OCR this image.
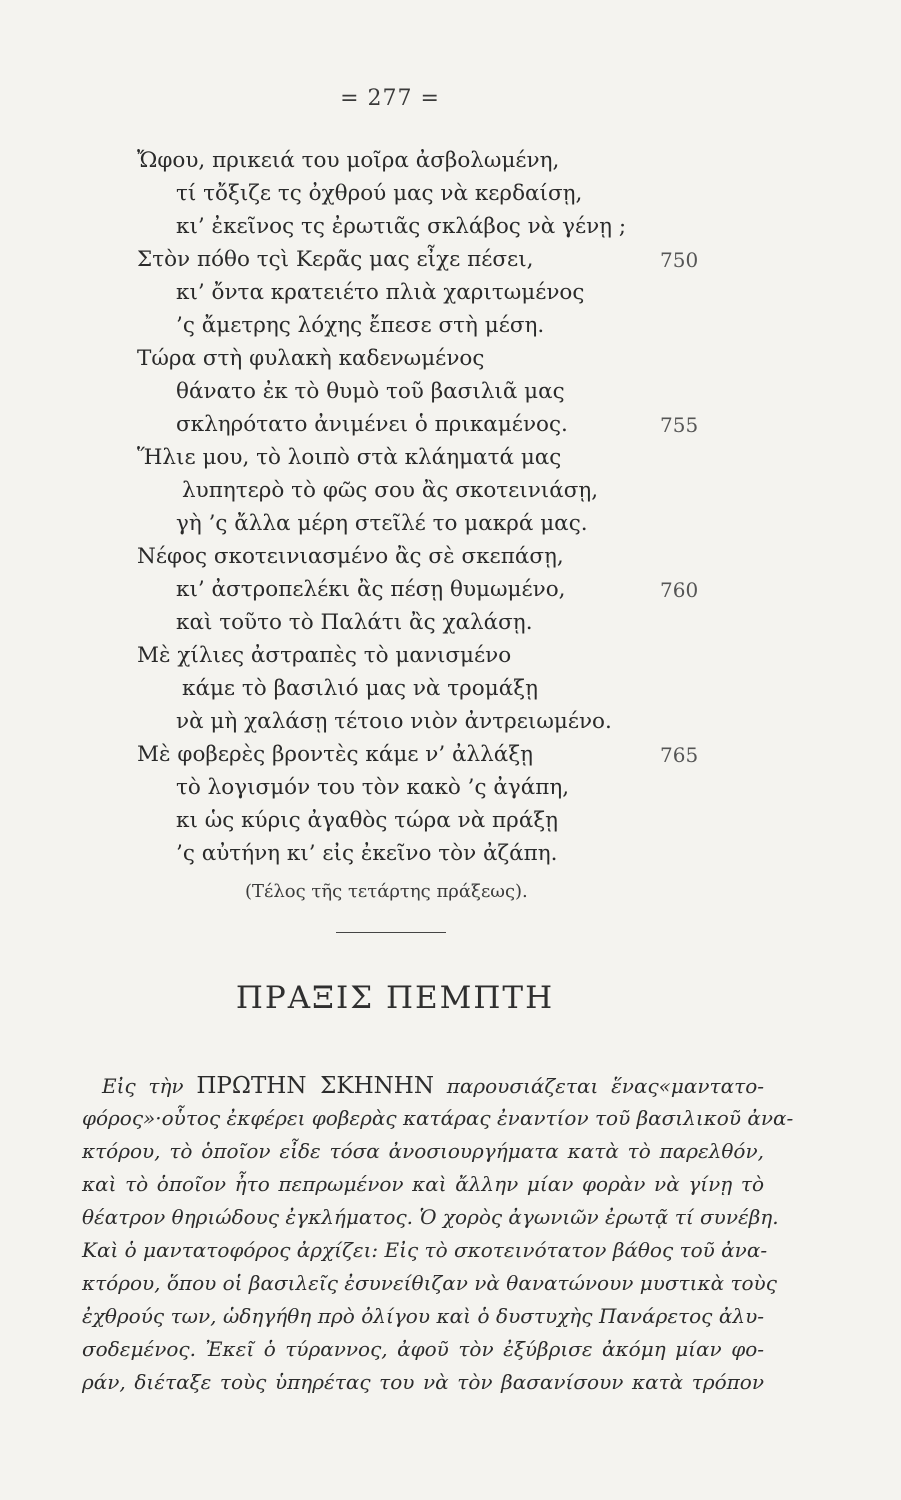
= 277 =
Ὤφου, πρικειά του μοῖρα ἀσβολωμένη,
τί τὄξιζε τς ὀχθρού μας νὰ κερδαίσῃ,
κι’ ἐκεῖνος τς ἐρωτιᾶς σκλάβος νὰ γένῃ ;
Στὸν πόθο τςὶ Κερᾶς μας εἶχε πέσει,	750
κι’ ὄντα κρατειέτο πλιὰ χαριτωμένος
’ς ἄμετρης λόχης ἔπεσε στὴ μέση.
Τώρα στὴ φυλακὴ καδενωμένος
θάνατο ἐκ τὸ θυμὸ τοῦ βασιλιᾶ μας
σκληρότατο ἀνιμένει ὁ πρικαμένος.	755
Ἥλιε μου, τὸ λοιπὸ στὰ κλάηματά μας
λυπητερὸ τὸ φῶς σου ἂς σκοτεινιάσῃ,
γὴ ’ς ἄλλα μέρη στεῖλέ το μακρά μας.
Νέφος σκοτεινιασμένο ἂς σὲ σκεπάσῃ,
κι’ ἀστροπελέκι ἂς πέσῃ θυμωμένο,	760
καὶ τοῦτο τὸ Παλάτι ἂς χαλάσῃ.
Μὲ χίλιες ἀστραπὲς τὸ μανισμένο
κάμε τὸ βασιλιό μας νὰ τρομάξῃ
νὰ μὴ χαλάσῃ τέτοιο νιὸν ἀντρειωμένο.
Μὲ φοβερὲς βροντὲς κάμε ν’ ἀλλάξῃ	765
τὸ λογισμόν του τὸν κακὸ ’ς ἀγάπη,
κι ὡς κύρις ἀγαθὸς τώρα νὰ πράξῃ
’ς αὐτήνη κι’ εἰς ἐκεῖνο τὸν ἀζάπη.
(Τέλος τῆς τετάρτης πράξεως).
ΠΡΑΞΙΣ ΠΕΜΠΤΗ
Εἰς τὴν ΠΡΩΤΗΝ ΣΚΗΝΗΝ παρουσιάζεται ἕνας«μαντατο-
φόρος»·οὗτος ἐκφέρει φοβερὰς κατάρας ἐναντίον τοῦ βασιλικοῦ ἀνα-
κτόρου, τὸ ὁποῖον εἶδε τόσα ἀνοσιουργήματα κατὰ τὸ παρελθόν,
καὶ τὸ ὁποῖον ἦτο πεπρωμένον καὶ ἄλλην μίαν φορὰν νὰ γίνῃ τὸ
θέατρον θηριώδους ἐγκλήματος. Ὁ χορὸς ἀγωνιῶν ἐρωτᾷ τί συνέβη.
Καὶ ὁ μαντατοφόρος ἀρχίζει: Εἰς τὸ σκοτεινότατον βάθος τοῦ ἀνα-
κτόρου, ὅπου οἱ βασιλεῖς ἐσυνείθιζαν νὰ θανατώνουν μυστικὰ τοὺς
ἐχθρούς των, ὡδηγήθη πρὸ ὀλίγου καὶ ὁ δυστυχὴς Πανάρετος ἀλυ-
σοδεμένος. Ἐκεῖ ὁ τύραννος, ἀφοῦ τὸν ἐξύβρισε ἀκόμη μίαν φο-
ράν, διέταξε τοὺς ὑπηρέτας του νὰ τὸν βασανίσουν κατὰ τρόπον
